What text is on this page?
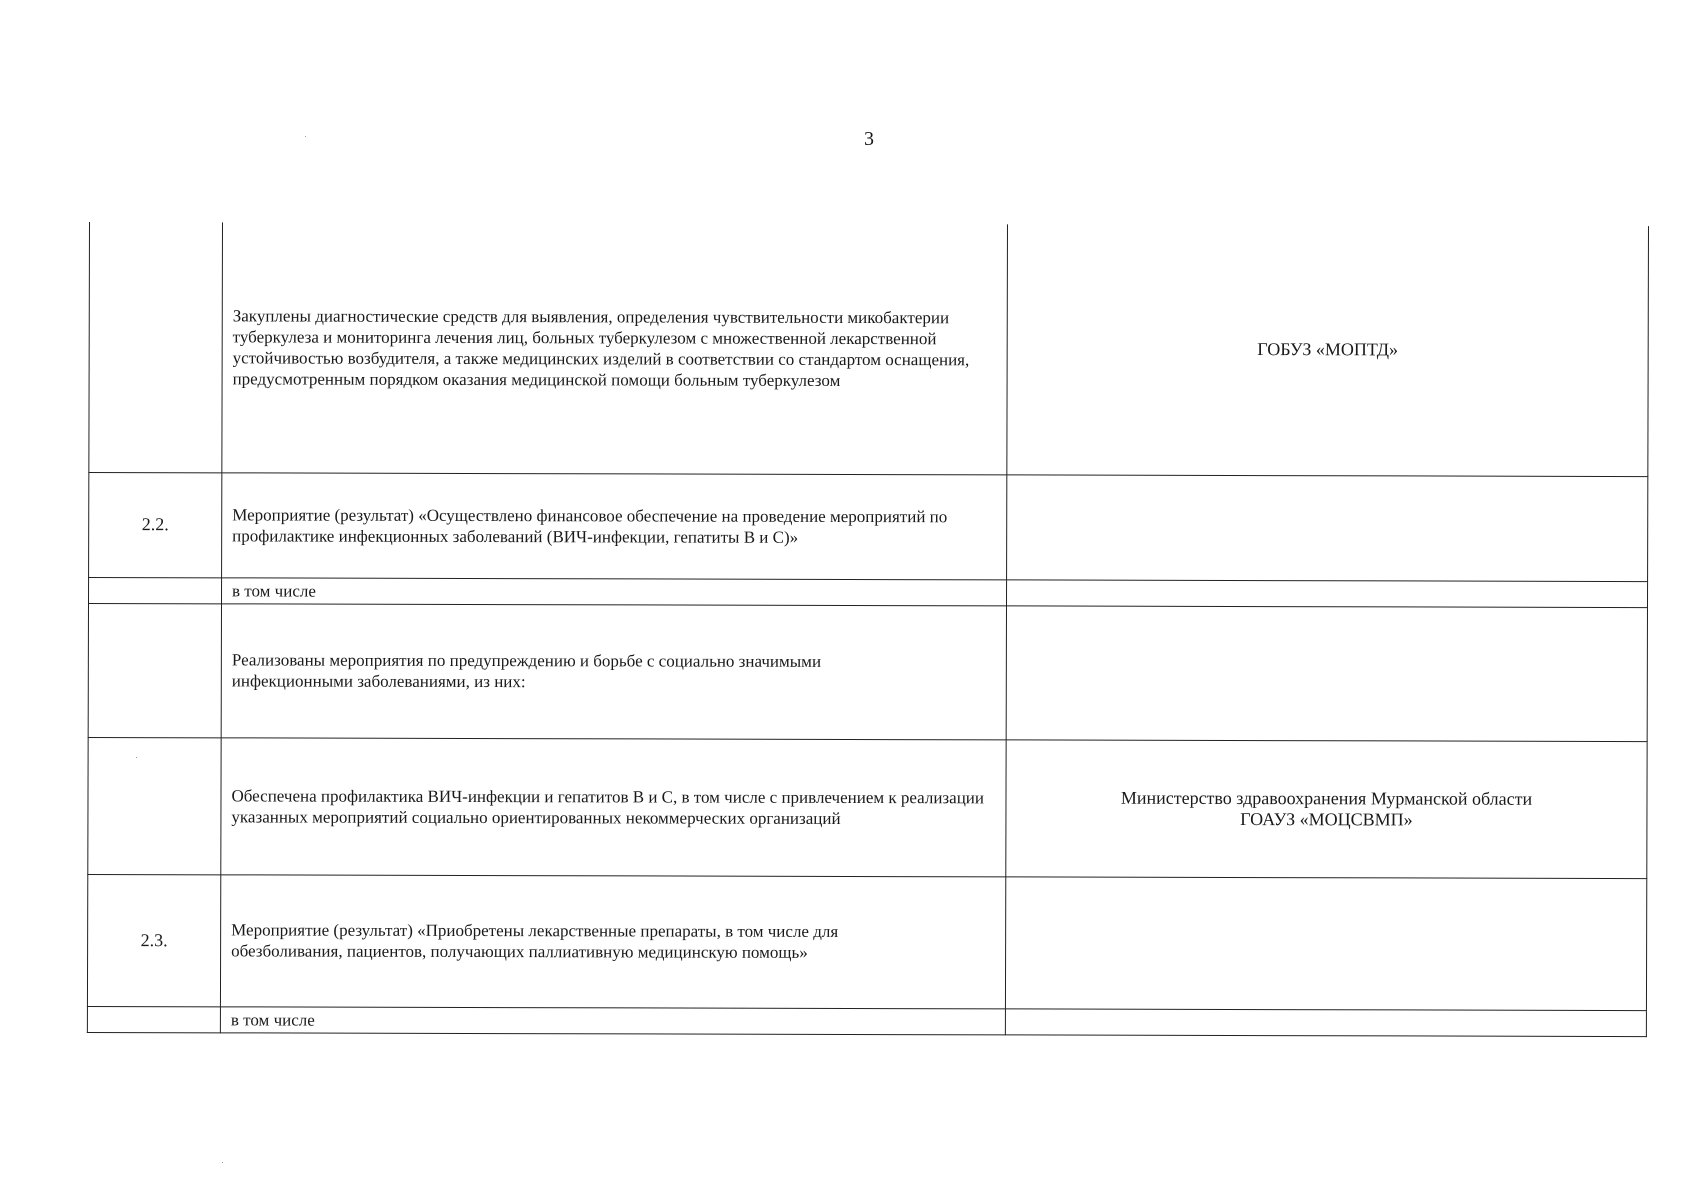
3

	Закуплены диагностические средств для выявления, определения чувствительности микобактерии туберкулеза и мониторинга лечения лиц, больных туберкулезом с множественной лекарственной устойчивостью возбудителя, а также медицинских изделий в соответствии со стандартом оснащения, предусмотренным порядком оказания медицинской помощи больным туберкулезом	ГОБУЗ «МОПТД»

2.2.	Мероприятие (результат) «Осуществлено финансовое обеспечение на проведение мероприятий по профилактике инфекционных заболеваний (ВИЧ-инфекции, гепатиты В и С)»	

	в том числе	

	Реализованы мероприятия по предупреждению и борьбе с социально значимыми инфекционными заболеваниями, из них:	

	Обеспечена профилактика ВИЧ-инфекции и гепатитов В и С, в том числе с привлечением к реализации указанных мероприятий социально ориентированных некоммерческих организаций	Министерство здравоохранения Мурманской области
ГОАУЗ «МОЦСВМП»

2.3.	Мероприятие (результат) «Приобретены лекарственные препараты, в том числе для обезболивания, пациентов, получающих паллиативную медицинскую помощь»	

	в том числе	
